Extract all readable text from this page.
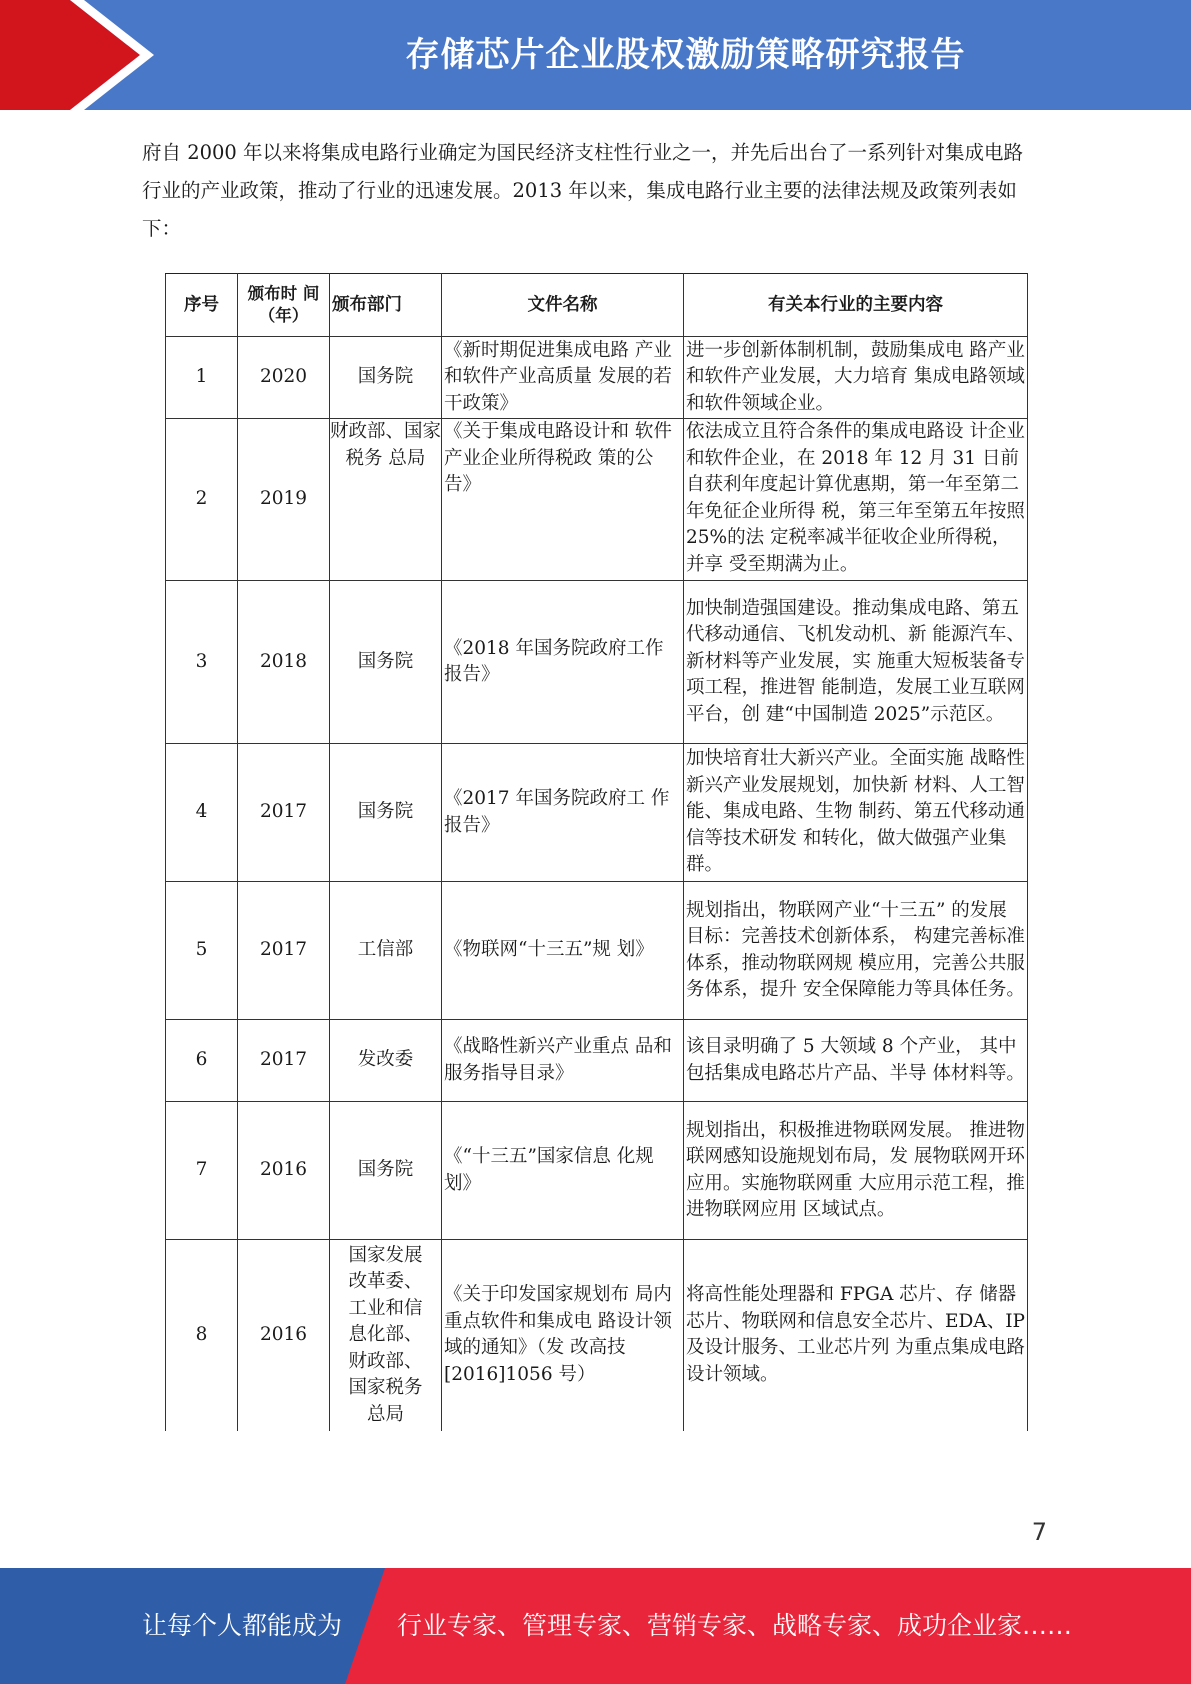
存储芯片企业股权激励策略研究报告

府自 2000 年以来将集成电路行业确定为国民经济支柱性行业之一，并先后出台了一系列针对集成电路行业的产业政策，推动了行业的迅速发展。2013 年以来，集成电路行业主要的法律法规及政策列表如下：

序号	颁布时 间（年）	颁布部门	文件名称	有关本行业的主要内容
1	2020	国务院	《新时期促进集成电路 产业和软件产业高质量 发展的若干政策》	进一步创新体制机制，鼓励集成电 路产业和软件产业发展，大力培育 集成电路领域和软件领域企业。
2	2019	财政部、国家税务 总局	《关于集成电路设计和 软件产业企业所得税政 策的公告》	依法成立且符合条件的集成电路设 计企业和软件企业，在 2018 年 12 月 31 日前自获利年度起计算优惠期，第一年至第二年免征企业所得 税，第三年至第五年按照 25%的法 定税率减半征收企业所得税，并享 受至期满为止。
3	2018	国务院	《2018 年国务院政府工作报告》	加快制造强国建设。推动集成电路、第五代移动通信、飞机发动机、新 能源汽车、新材料等产业发展，实 施重大短板装备专项工程，推进智 能制造，发展工业互联网平台，创 建“中国制造 2025”示范区。
4	2017	国务院	《2017 年国务院政府工 作报告》	加快培育壮大新兴产业。全面实施 战略性新兴产业发展规划，加快新 材料、人工智能、集成电路、生物 制药、第五代移动通信等技术研发 和转化，做大做强产业集群。
5	2017	工信部	《物联网“十三五”规 划》	规划指出，物联网产业“十三五” 的发展目标：完善技术创新体系， 构建完善标准体系，推动物联网规 模应用，完善公共服务体系，提升 安全保障能力等具体任务。
6	2017	发改委	《战略性新兴产业重点 品和服务指导目录》	该目录明确了 5 大领域 8 个产业， 其中包括集成电路芯片产品、半导 体材料等。
7	2016	国务院	《“十三五”国家信息 化规划》	规划指出，积极推进物联网发展。 推进物联网感知设施规划布局，发 展物联网开环应用。实施物联网重 大应用示范工程，推进物联网应用 区域试点。
8	2016	国家发展改革委、工业和信息化部、财政部、国家税务 总局	《关于印发国家规划布 局内重点软件和集成电 路设计领域的通知》（发 改高技[2016]1056 号）	将高性能处理器和 FPGA 芯片、存 储器芯片、物联网和信息安全芯片、EDA、IP 及设计服务、工业芯片列 为重点集成电路设计领域。
7
让每个人都能成为 行业专家、管理专家、营销专家、战略专家、成功企业家……
